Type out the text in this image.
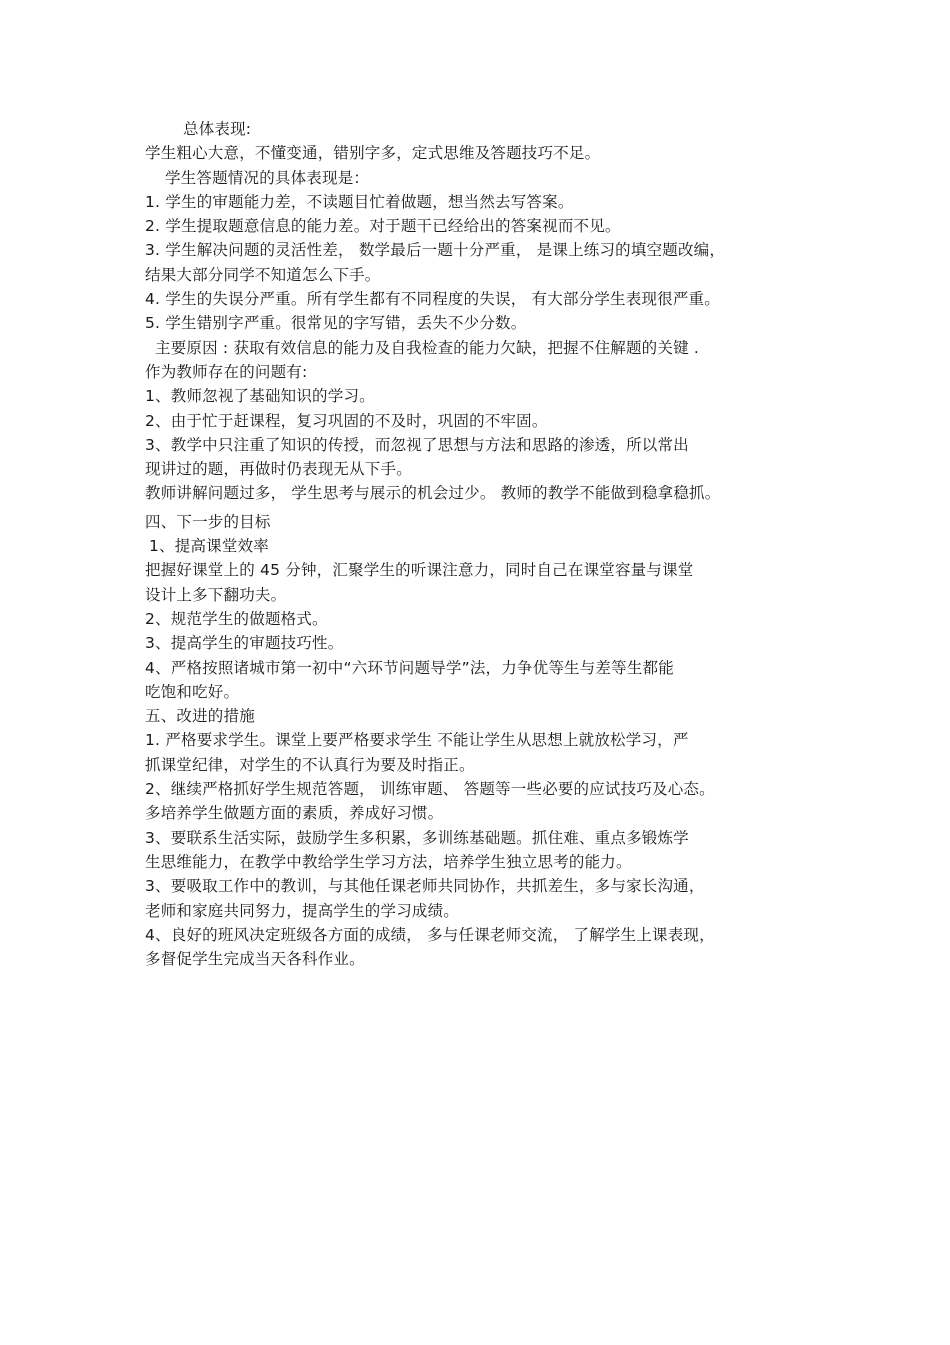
总体表现:
学生粗心大意，不懂变通，错别字多，定式思维及答题技巧不足。
学生答题情况的具体表现是：
1. 学生的审题能力差，不读题目忙着做题，想当然去写答案。
2. 学生提取题意信息的能力差。对于题干已经给出的答案视而不见。
3. 学生解决问题的灵活性差， 数学最后一题十分严重， 是课上练习的填空题改编，
结果大部分同学不知道怎么下手。
4. 学生的失误分严重。所有学生都有不同程度的失误， 有大部分学生表现很严重。
5. 学生错别字严重。很常见的字写错，丢失不少分数。
主要原因 : 获取有效信息的能力及自我检查的能力欠缺，把握不住解题的关键 .
作为教师存在的问题有:
1、教师忽视了基础知识的学习。
2、由于忙于赶课程，复习巩固的不及时，巩固的不牢固。
3、教学中只注重了知识的传授，而忽视了思想与方法和思路的渗透，所以常出
现讲过的题，再做时仍表现无从下手。
教师讲解问题过多， 学生思考与展示的机会过少。 教师的教学不能做到稳拿稳抓。
四、下一步的目标
1、提高课堂效率
把握好课堂上的 45 分钟，汇聚学生的听课注意力，同时自己在课堂容量与课堂
设计上多下翻功夫。
2、规范学生的做题格式。
3、提高学生的审题技巧性。
4、严格按照诸城市第一初中“六环节问题导学”法，力争优等生与差等生都能
吃饱和吃好。
五、改进的措施
1. 严格要求学生。课堂上要严格要求学生 不能让学生从思想上就放松学习，严
抓课堂纪律，对学生的不认真行为要及时指正。
2、继续严格抓好学生规范答题， 训练审题、 答题等一些必要的应试技巧及心态。
多培养学生做题方面的素质，养成好习惯。
3、要联系生活实际，鼓励学生多积累，多训练基础题。抓住难、重点多锻炼学
生思维能力，在教学中教给学生学习方法，培养学生独立思考的能力。
3、要吸取工作中的教训，与其他任课老师共同协作，共抓差生，多与家长沟通，
老师和家庭共同努力，提高学生的学习成绩。
4、良好的班风决定班级各方面的成绩， 多与任课老师交流， 了解学生上课表现，
多督促学生完成当天各科作业。
